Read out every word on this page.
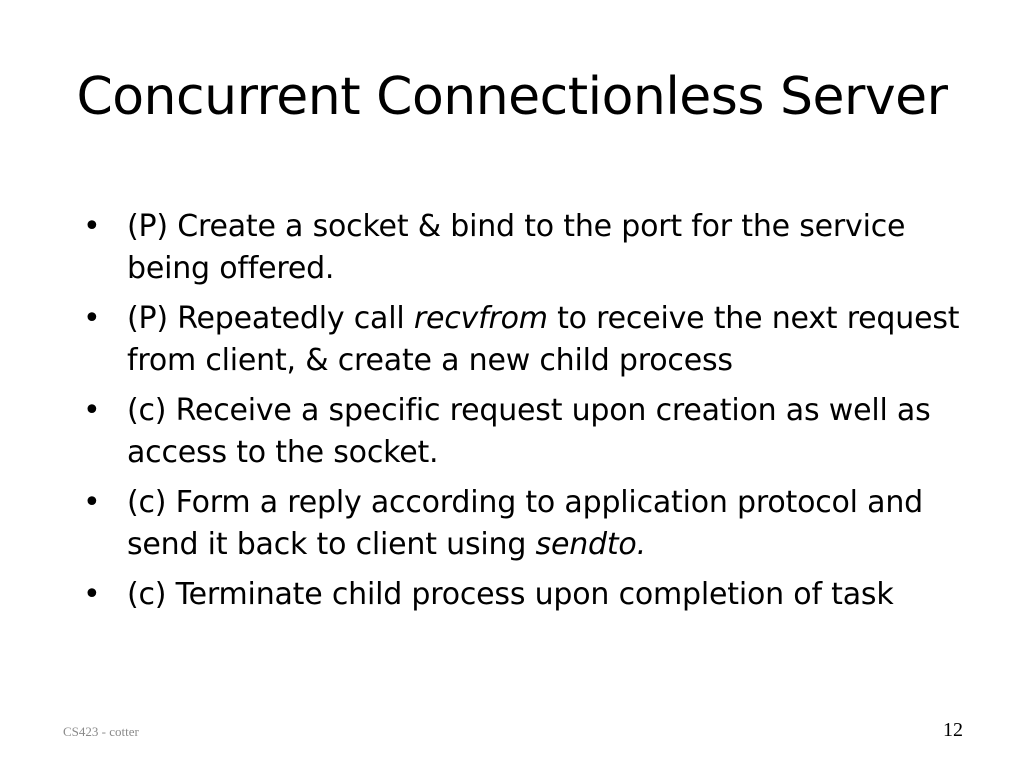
Concurrent Connectionless Server
• (P) Create a socket & bind to the port for the service being offered.
• (P) Repeatedly call recvfrom to receive the next request from client, & create a new child process
• (c) Receive a specific request upon creation as well as access to the socket.
• (c) Form a reply according to application protocol and send it back to client using sendto.
• (c) Terminate child process upon completion of task
CS423 - cotter	12
